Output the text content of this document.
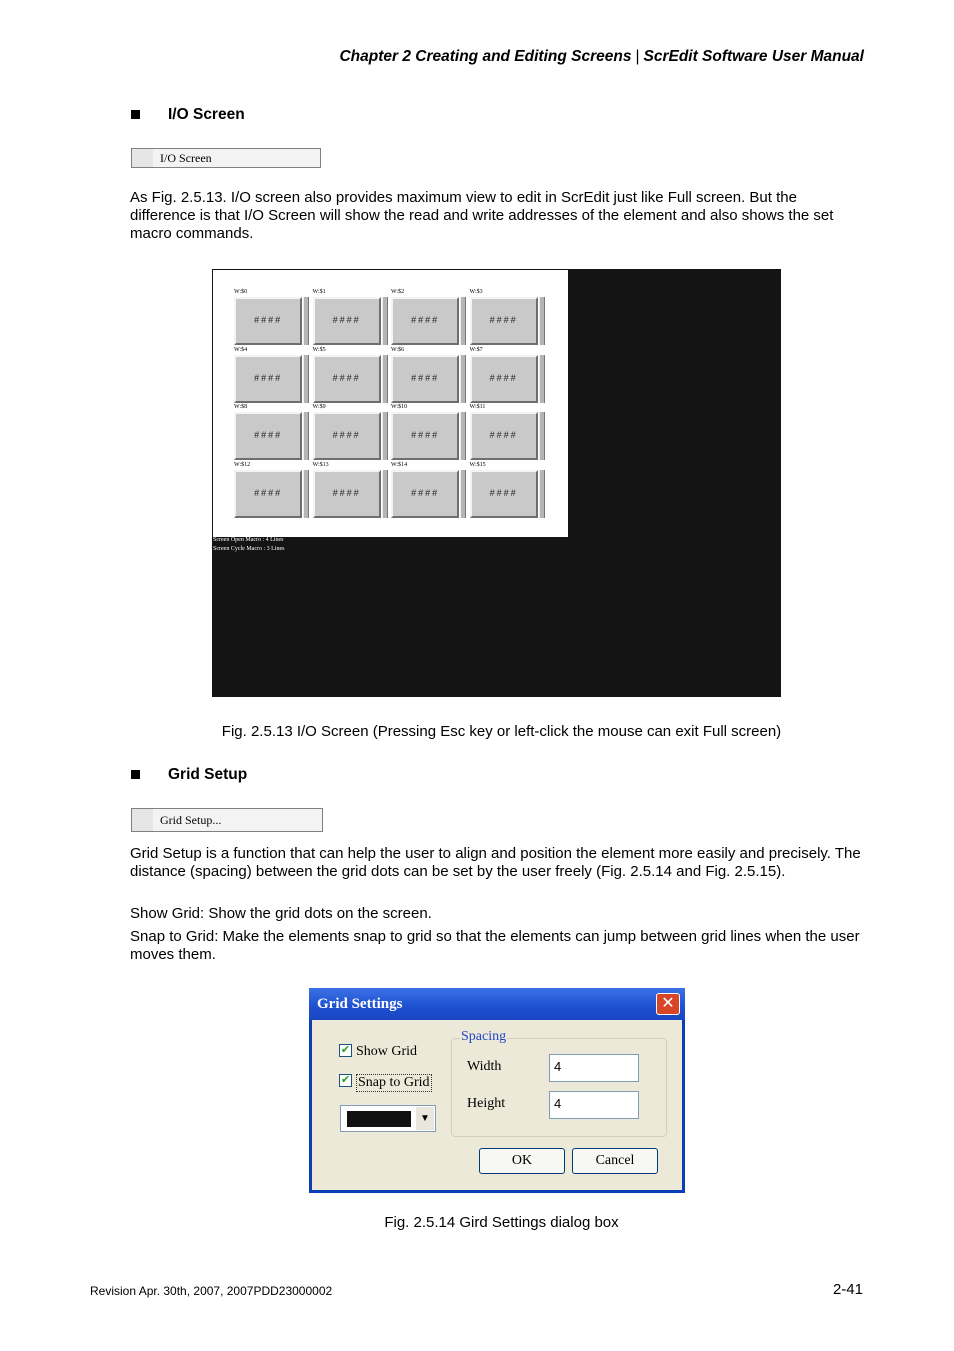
Chapter 2 Creating and Editing Screens | ScrEdit Software User Manual
I/O Screen
I/O Screen
As Fig. 2.5.13. I/O screen also provides maximum view to edit in ScrEdit just like Full screen. But the difference is that I/O Screen will show the read and write addresses of the element and also shows the set macro commands.
####
W:$0
####
W:$1
####
W:$2
####
W:$3
####
W:$4
####
W:$5
####
W:$6
####
W:$7
####
W:$8
####
W:$9
####
W:$10
####
W:$11
####
W:$12
####
W:$13
####
W:$14
####
W:$15
Screen Open Macro : 4 Lines
Screen Cycle Macro : 3 Lines
Fig. 2.5.13 I/O Screen (Pressing Esc key or left-click the mouse can exit Full screen)
Grid Setup
Grid Setup...
Grid Setup is a function that can help the user to align and position the element more easily and precisely. The distance (spacing) between the grid dots can be set by the user freely (Fig. 2.5.14 and Fig. 2.5.15).
Show Grid: Show the grid dots on the screen.
Snap to Grid: Make the elements snap to grid so that the elements can jump between grid lines when the user moves them.
Grid Settings	✕
✔ Show Grid
✔ Snap to Grid
▼
Spacing
Width	4
Height	4
OK	Cancel
Fig. 2.5.14 Gird Settings dialog box
Revision Apr. 30th, 2007, 2007PDD23000002	2-41
